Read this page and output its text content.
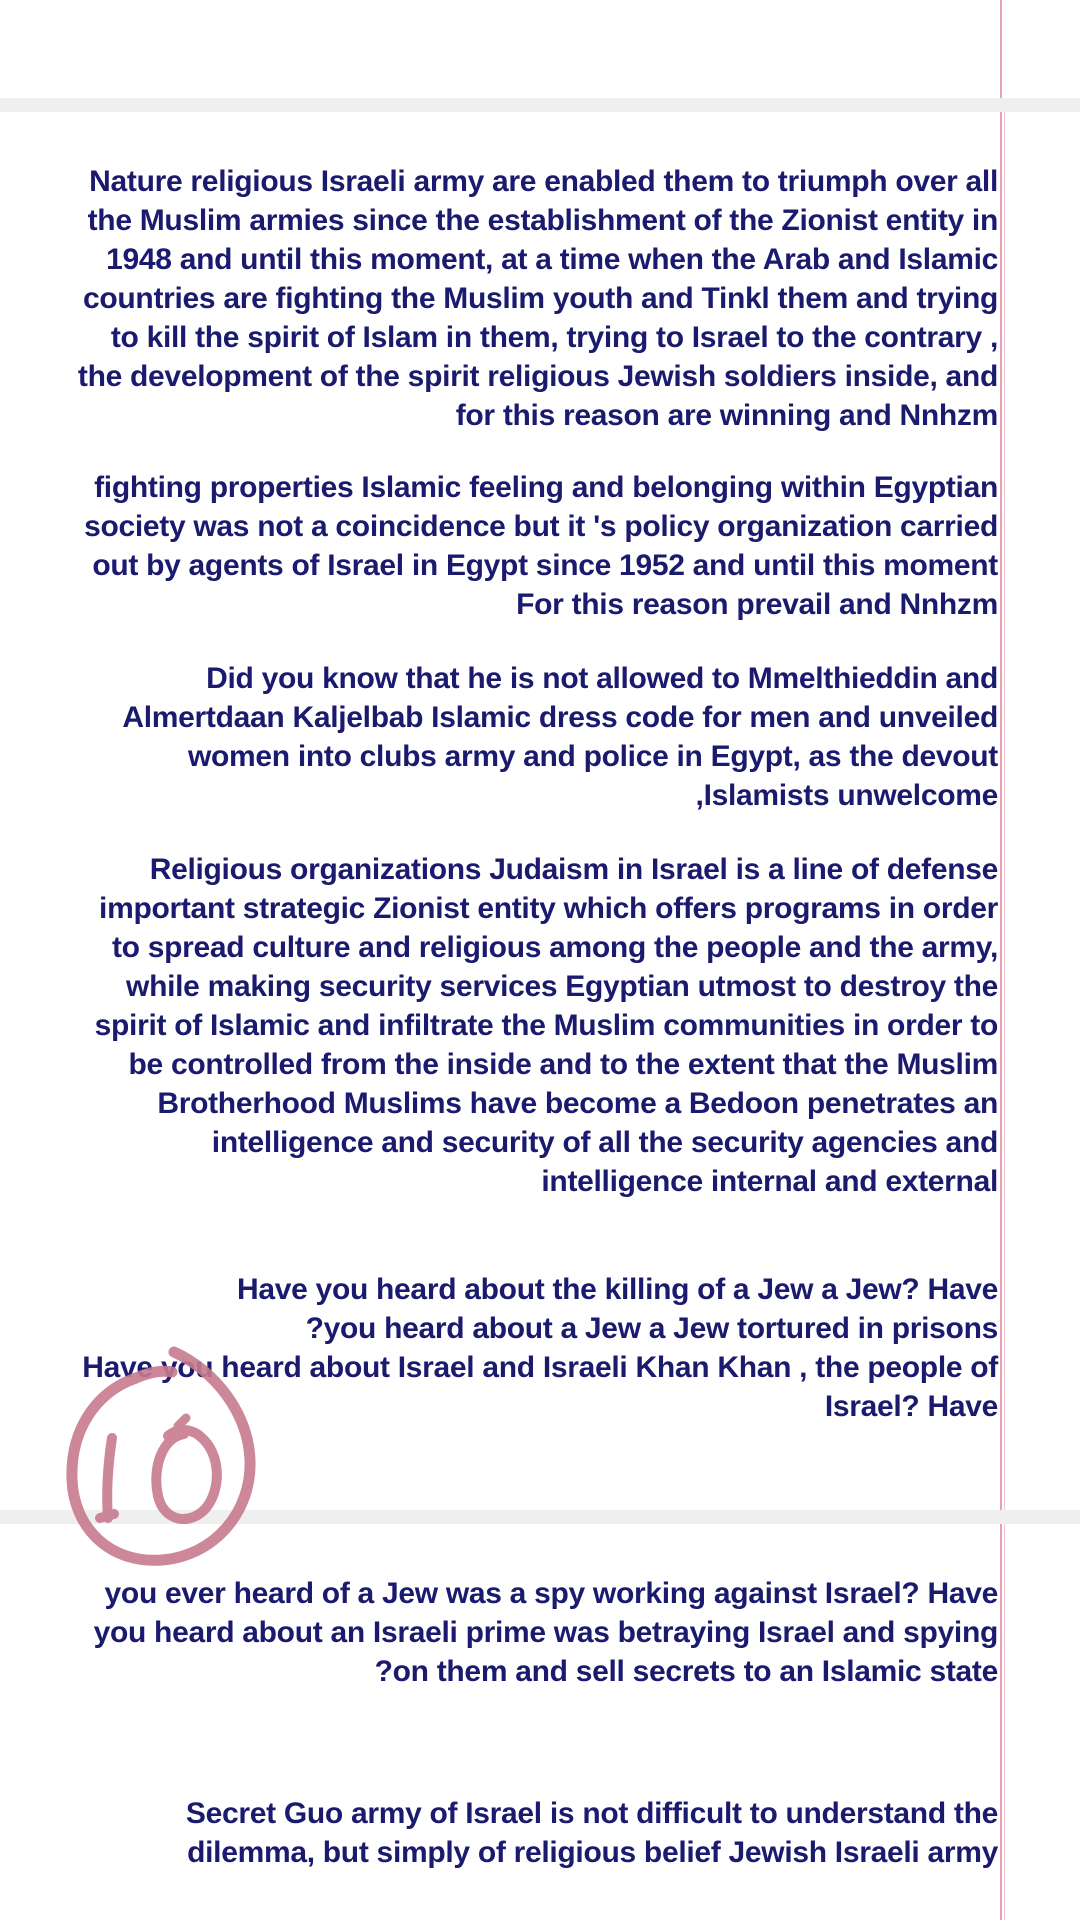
Nature religious Israeli army are enabled them to triumph over all
the Muslim armies since the establishment of the Zionist entity in
1948 and until this moment, at a time when the Arab and Islamic
countries are fighting the Muslim youth and Tinkl them and trying
to kill the spirit of Islam in them, trying to Israel to the contrary ,
the development of the spirit religious Jewish soldiers inside, and
for this reason are winning and Nnhzm
fighting properties Islamic feeling and belonging within Egyptian
society was not a coincidence but it 's policy organization carried
out by agents of Israel in Egypt since 1952 and until this moment
For this reason prevail and Nnhzm
Did you know that he is not allowed to Mmelthieddin and
Almertdaan Kaljelbab Islamic dress code for men and unveiled
women into clubs army and police in Egypt, as the devout
,Islamists unwelcome
Religious organizations Judaism in Israel is a line of defense
important strategic Zionist entity which offers programs in order
to spread culture and religious among the people and the army,
while making security services Egyptian utmost to destroy the
spirit of Islamic and infiltrate the Muslim communities in order to
be controlled from the inside and to the extent that the Muslim
Brotherhood Muslims have become a Bedoon penetrates an
intelligence and security of all the security agencies and
intelligence internal and external
Have you heard about the killing of a Jew a Jew? Have
?you heard about a Jew a Jew tortured in prisons
Have you heard about Israel and Israeli Khan Khan , the people of
Israel? Have
you ever heard of a Jew was a spy working against Israel? Have
you heard about an Israeli prime was betraying Israel and spying
?on them and sell secrets to an Islamic state
Secret Guo army of Israel is not difficult to understand the
dilemma, but simply of religious belief Jewish Israeli army
